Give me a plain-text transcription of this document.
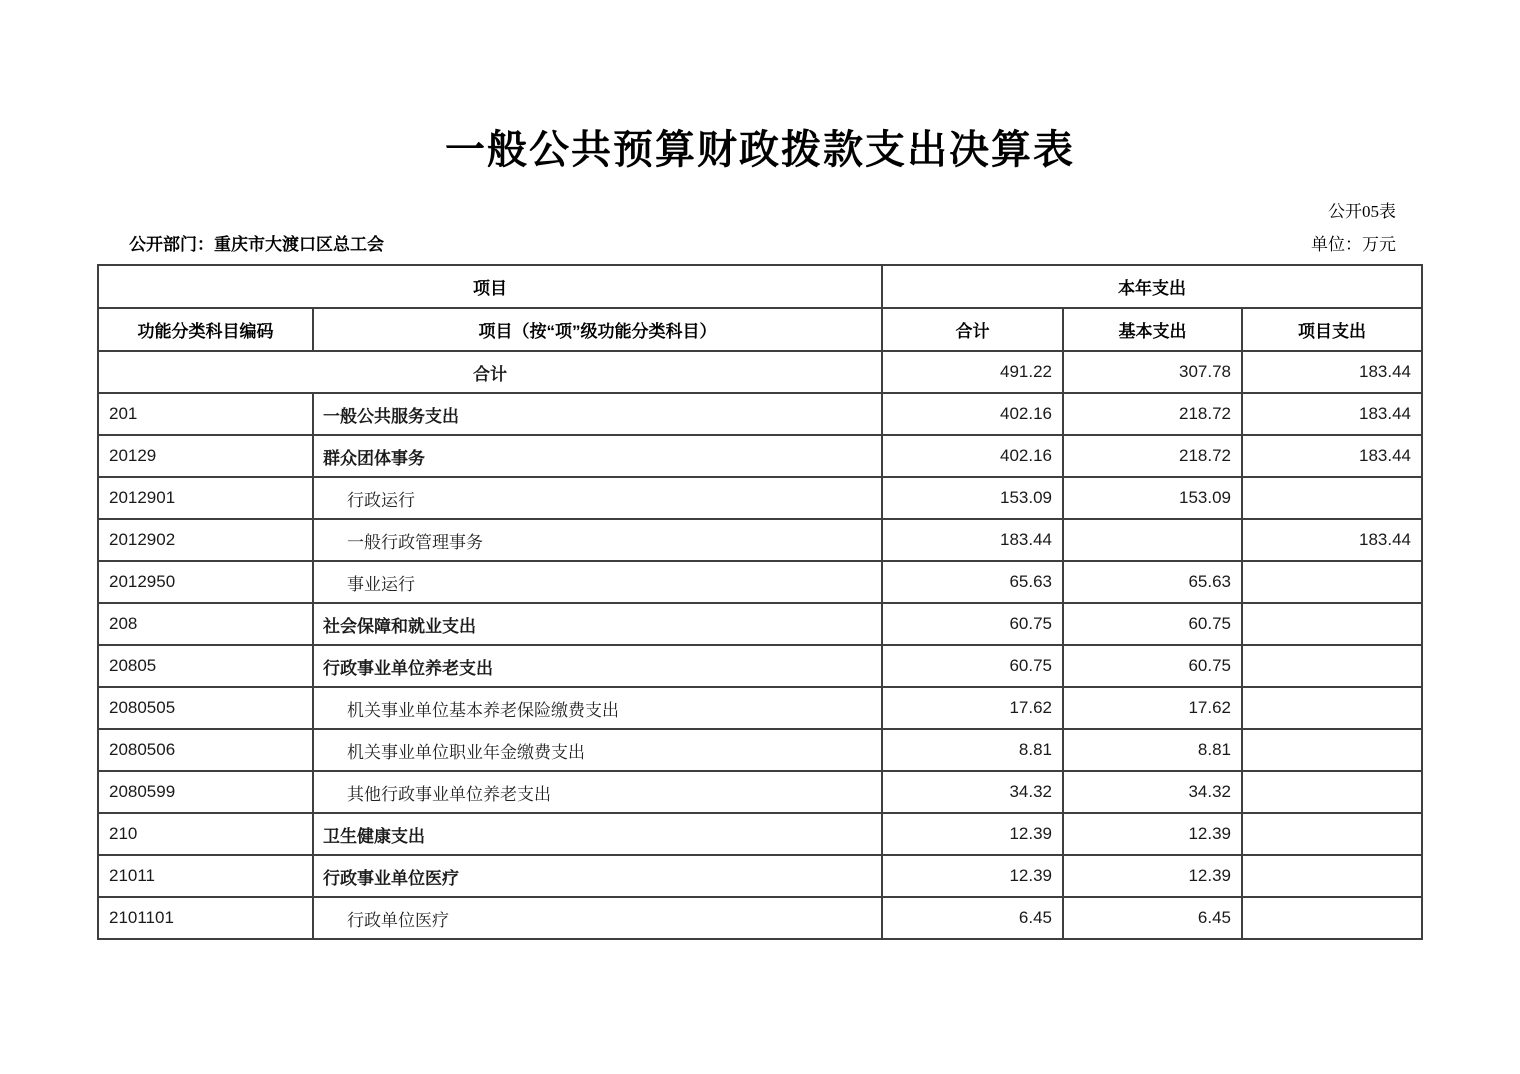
一般公共预算财政拨款支出决算表
公开05表
公开部门：重庆市大渡口区总工会	单位：万元
项目		本年支出		
功能分类科目编码	项目（按“项”级功能分类科目）	合计	基本支出	项目支出
合计		491.22	307.78	183.44
201	一般公共服务支出	402.16	218.72	183.44
20129	群众团体事务	402.16	218.72	183.44
2012901	行政运行	153.09	153.09	
2012902	一般行政管理事务	183.44		183.44
2012950	事业运行	65.63	65.63	
208	社会保障和就业支出	60.75	60.75	
20805	行政事业单位养老支出	60.75	60.75	
2080505	机关事业单位基本养老保险缴费支出	17.62	17.62	
2080506	机关事业单位职业年金缴费支出	8.81	8.81	
2080599	其他行政事业单位养老支出	34.32	34.32	
210	卫生健康支出	12.39	12.39	
21011	行政事业单位医疗	12.39	12.39	
2101101	行政单位医疗	6.45	6.45	
